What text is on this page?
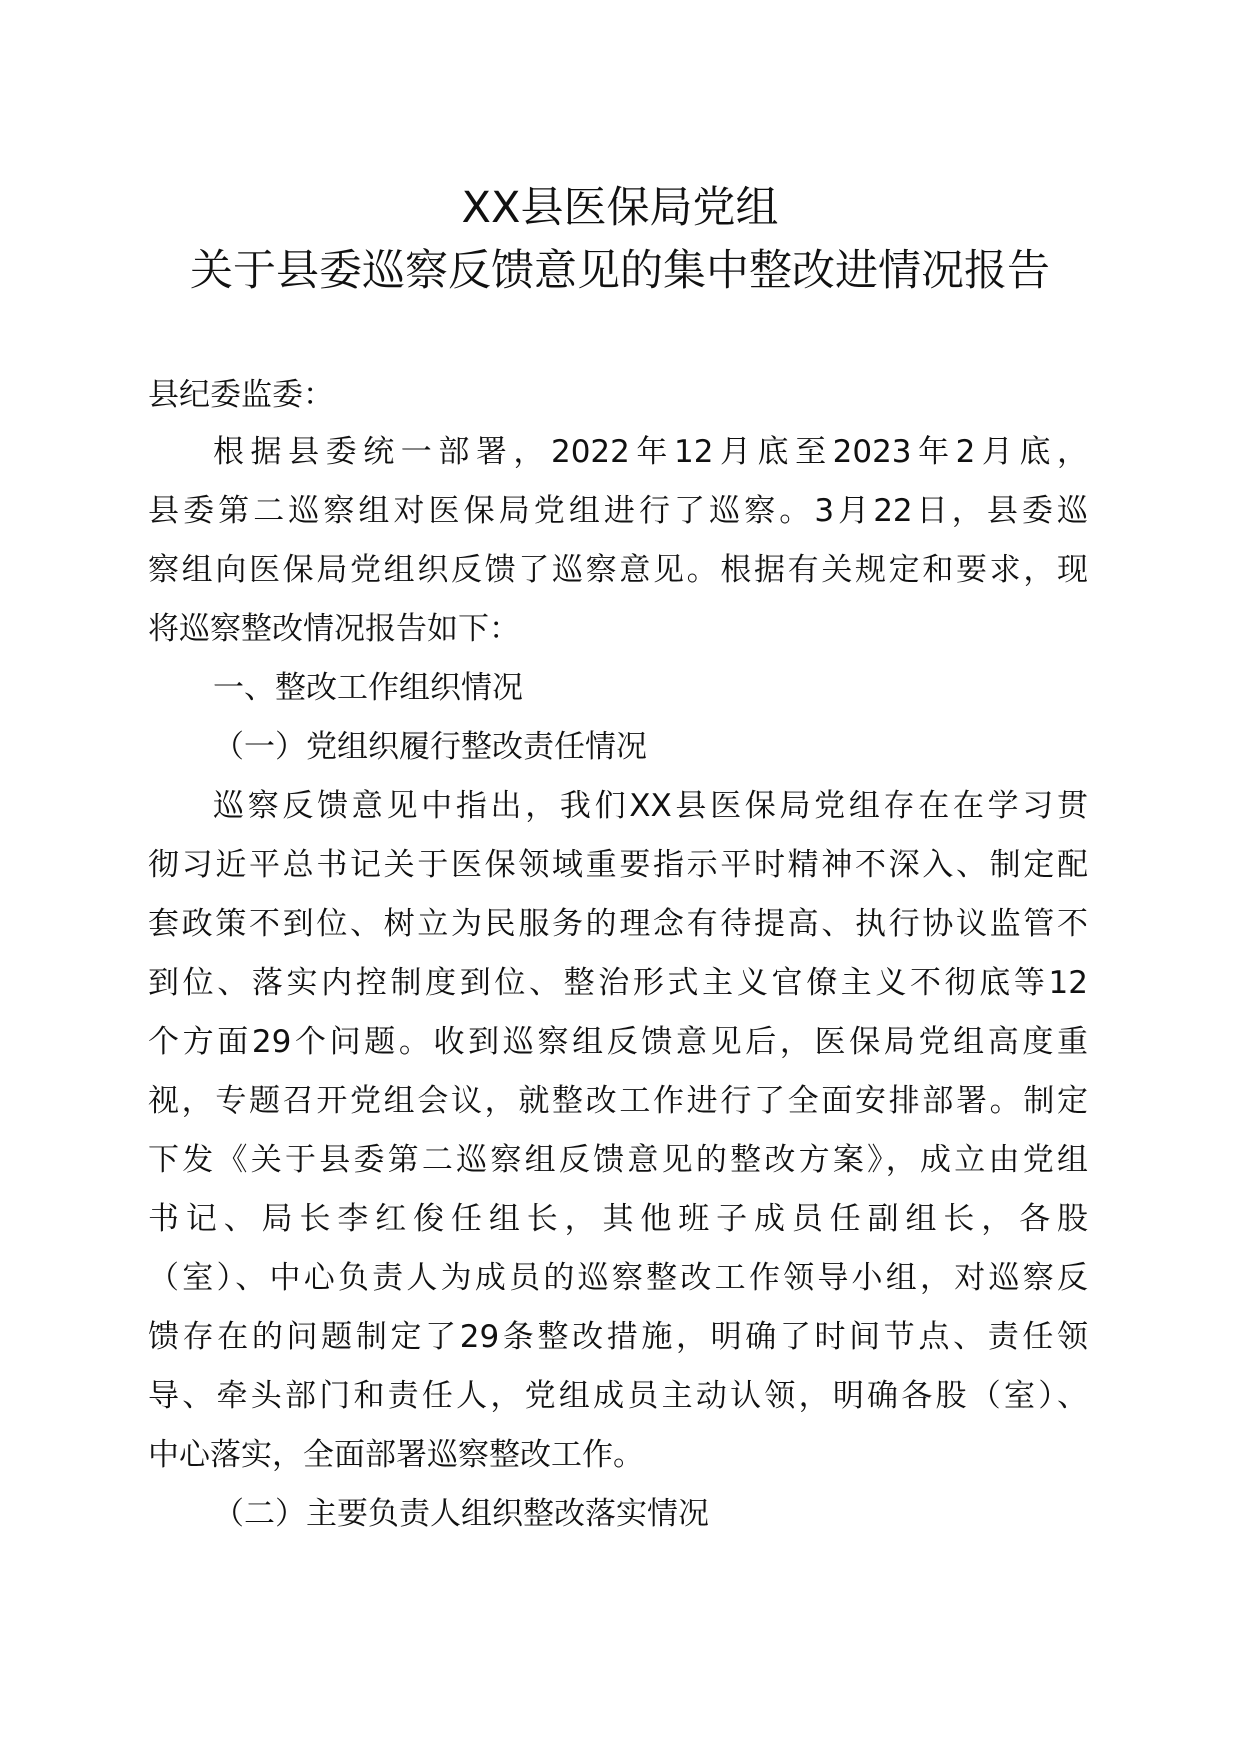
XX县医保局党组
关于县委巡察反馈意见的集中整改进情况报告
县纪委监委：
根据县委统一部署，2022年12月底至2023年2月底，
县委第二巡察组对医保局党组进行了巡察。3月22日，县委巡
察组向医保局党组织反馈了巡察意见。根据有关规定和要求，现
将巡察整改情况报告如下：
一、整改工作组织情况
（一）党组织履行整改责任情况
巡察反馈意见中指出，我们XX县医保局党组存在在学习贯
彻习近平总书记关于医保领域重要指示平时精神不深入、制定配
套政策不到位、树立为民服务的理念有待提高、执行协议监管不
到位、落实内控制度到位、整治形式主义官僚主义不彻底等12
个方面29个问题。收到巡察组反馈意见后，医保局党组高度重
视，专题召开党组会议，就整改工作进行了全面安排部署。制定
下发《关于县委第二巡察组反馈意见的整改方案》，成立由党组
书记、局长李红俊任组长，其他班子成员任副组长，各股
（室）、中心负责人为成员的巡察整改工作领导小组，对巡察反
馈存在的问题制定了29条整改措施，明确了时间节点、责任领
导、牵头部门和责任人，党组成员主动认领，明确各股（室）、
中心落实，全面部署巡察整改工作。
（二）主要负责人组织整改落实情况
